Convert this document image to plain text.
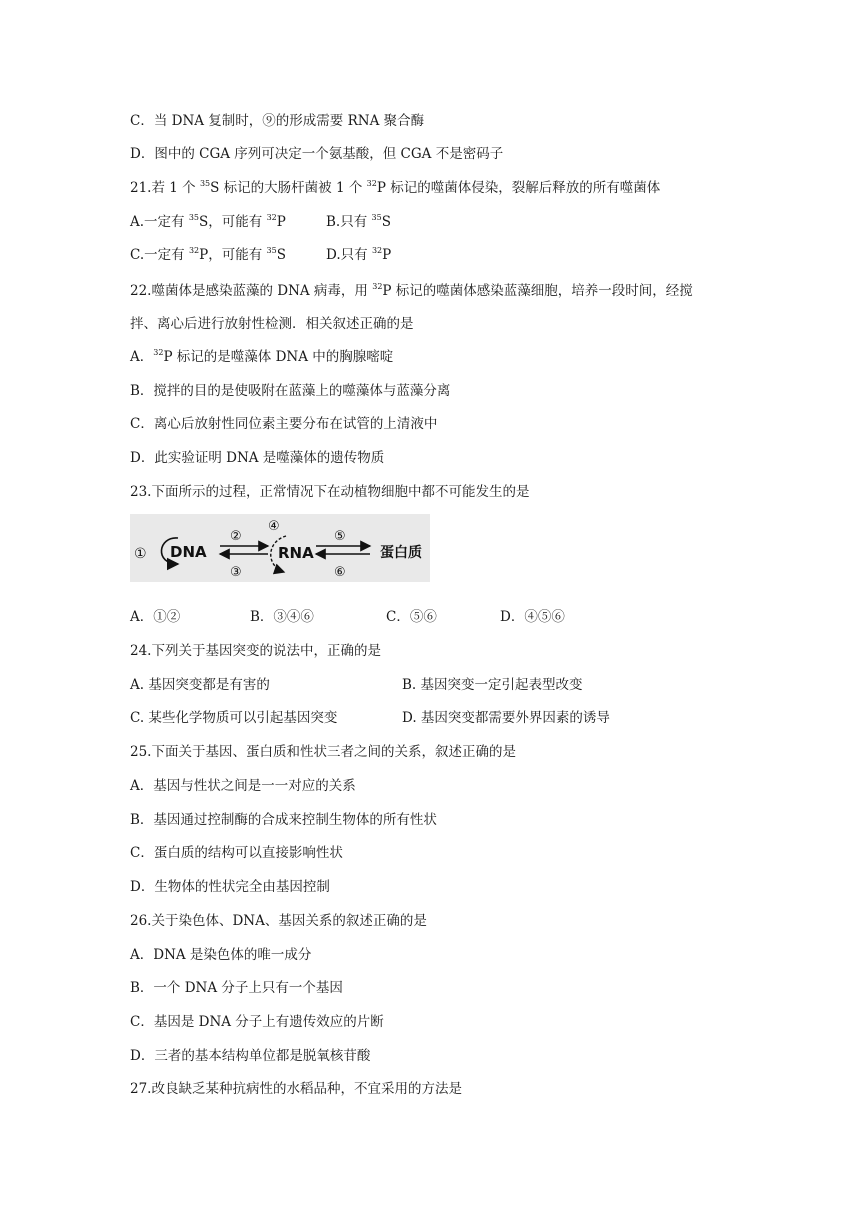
C．当 DNA 复制时，⑨的形成需要 RNA 聚合酶
D．图中的 CGA 序列可决定一个氨基酸，但 CGA 不是密码子
21.若 1 个 $^{35}$S 标记的大肠杆菌被 1 个 $^{32}$P 标记的噬菌体侵染，裂解后释放的所有噬菌体
A.一定有 $^{35}$S，可能有 $^{32}$P	B.只有 $^{35}$S
C.一定有 $^{32}$P，可能有 $^{35}$S	D.只有 $^{32}$P
22.噬菌体是感染蓝藻的 DNA 病毒，用 $^{32}$P 标记的噬菌体感染蓝藻细胞，培养一段时间，经搅
拌、离心后进行放射性检测．相关叙述正确的是
A．$^{32}$P 标记的是噬藻体 DNA 中的胸腺嘧啶
B．搅拌的目的是使吸附在蓝藻上的噬藻体与蓝藻分离
C．离心后放射性同位素主要分布在试管的上清液中
D．此实验证明 DNA 是噬藻体的遗传物质
23.下面所示的过程，正常情况下在动植物细胞中都不可能发生的是
① DNA
②
③
④
RNA
⑤
⑥
蛋白质
A．①②	B．③④⑥	C．⑤⑥	D．④⑤⑥
24.下列关于基因突变的说法中，正确的是
A. 基因突变都是有害的	B. 基因突变一定引起表型改变
C. 某些化学物质可以引起基因突变	D. 基因突变都需要外界因素的诱导
25.下面关于基因、蛋白质和性状三者之间的关系，叙述正确的是
A．基因与性状之间是一一对应的关系
B．基因通过控制酶的合成来控制生物体的所有性状
C．蛋白质的结构可以直接影响性状
D．生物体的性状完全由基因控制
26.关于染色体、DNA、基因关系的叙述正确的是
A．DNA 是染色体的唯一成分
B．一个 DNA 分子上只有一个基因
C．基因是 DNA 分子上有遗传效应的片断
D．三者的基本结构单位都是脱氧核苷酸
27.改良缺乏某种抗病性的水稻品种，不宜采用的方法是
